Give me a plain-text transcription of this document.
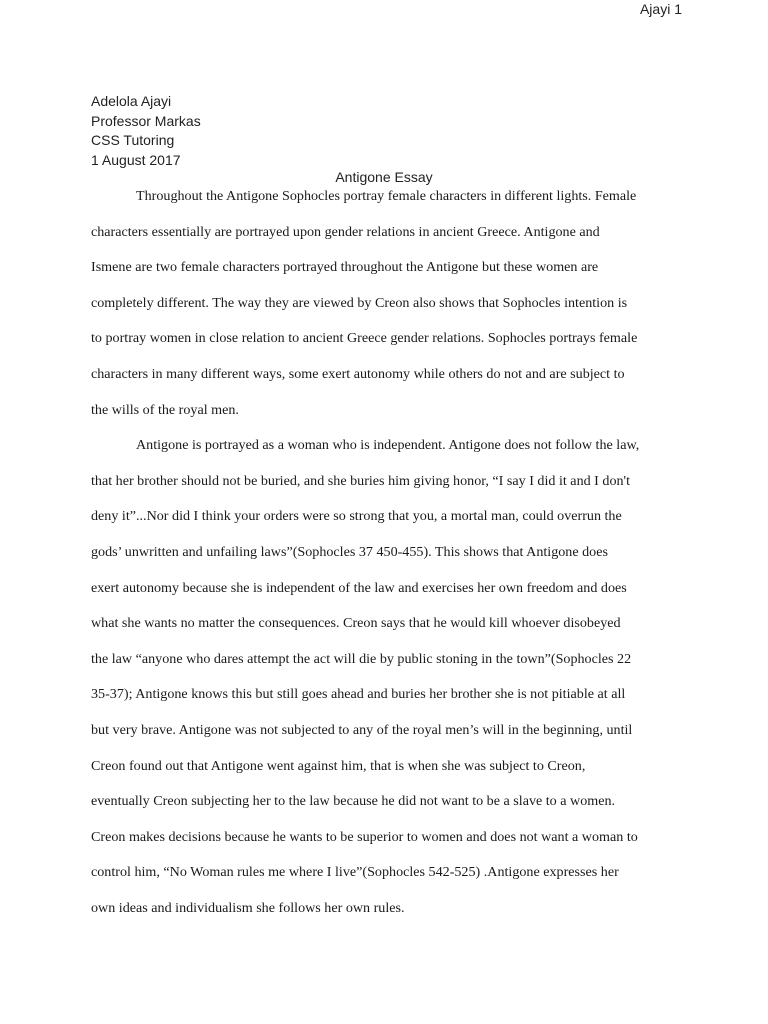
Ajayi 1
Adelola Ajayi
Professor Markas
CSS Tutoring
1 August 2017
Antigone Essay
Throughout the Antigone Sophocles portray female characters in different lights. Female
characters essentially are portrayed upon gender relations in ancient Greece. Antigone and
Ismene are two female characters portrayed throughout the Antigone but these women are
completely different. The way they are viewed by Creon also shows that Sophocles intention is
to portray women in close relation to ancient Greece gender relations. Sophocles portrays female
characters in many different ways, some exert autonomy while others do not and are subject to
the wills of the royal men.
Antigone is portrayed as a woman who is independent. Antigone does not follow the law,
that her brother should not be buried, and she buries him giving honor, “I say I did it and I don't
deny it”...Nor did I think your orders were so strong that you, a mortal man, could overrun the
gods’ unwritten and unfailing laws”(Sophocles 37 450-455). This shows that Antigone does
exert autonomy because she is independent of the law and exercises her own freedom and does
what she wants no matter the consequences. Creon says that he would kill whoever disobeyed
the law “anyone who dares attempt the act will die by public stoning in the town”(Sophocles 22
35-37); Antigone knows this but still goes ahead and buries her brother she is not pitiable at all
but very brave. Antigone was not subjected to any of the royal men’s will in the beginning, until
Creon found out that Antigone went against him, that is when she was subject to Creon,
eventually Creon subjecting her to the law because he did not want to be a slave to a women.
Creon makes decisions because he wants to be superior to women and does not want a woman to
control him, “No Woman rules me where I live”(Sophocles 542-525) .Antigone expresses her
own ideas and individualism she follows her own rules.
